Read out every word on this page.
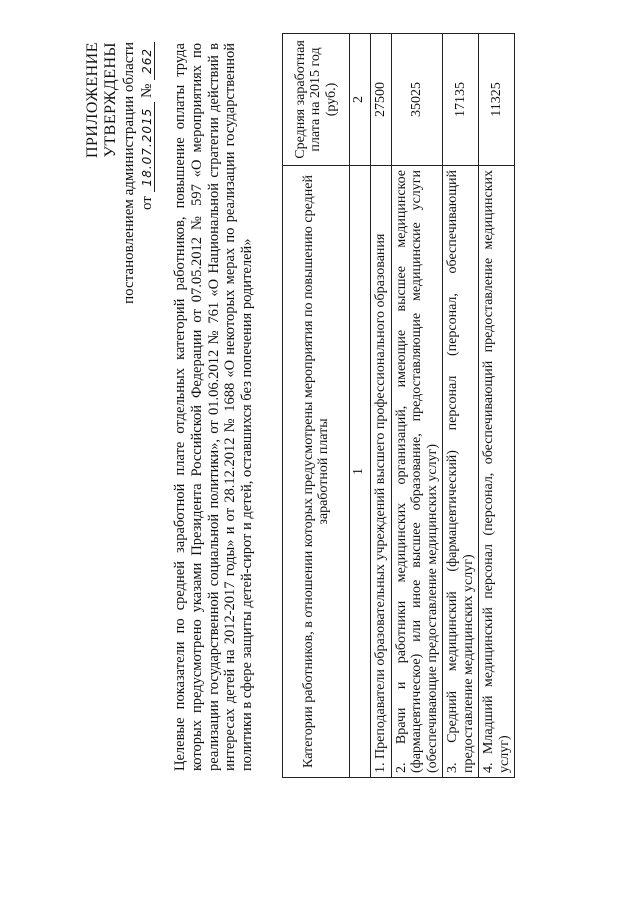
ПРИЛОЖЕНИЕ УТВЕРЖДЕНЫ постановлением администрации области от 18.07.2015 № 262 Целевые показатели по средней заработной плате отдельных категорий работников, повышение оплаты труда которых предусмотрено указами Президента Российской Федерации от 07.05.2012 № 597 «О мероприятиях по реализации государственной социальной политики», от 01.06.2012 № 761 «О Национальной стратегии действий в интересах детей на 2012-2017 годы» и от 28.12.2012 № 1688 «О некоторых мерах по реализации государственной политики в сфере защиты детей-сирот и детей, оставшихся без попечения родителей»	Категории работников, в отношении которых предусмотрены мероприятия по повышению средней заработной платы	Средняя заработная плата на 2015 год (руб.)
1	2
1. Преподаватели образовательных учреждений высшего профессионального образования	27500
2. Врачи и работники медицинских организаций, имеющие высшее медицинское (фармацевтическое) или иное высшее образование, предоставляющие медицинские услуги (обеспечивающие предоставление медицинских услуг)	35025
3. Средний медицинский (фармацевтический) персонал (персонал, обеспечивающий предоставление медицинских услуг)	17135
4. Младший медицинский персонал (персонал, обеспечивающий предоставление медицинских услуг)	11325
